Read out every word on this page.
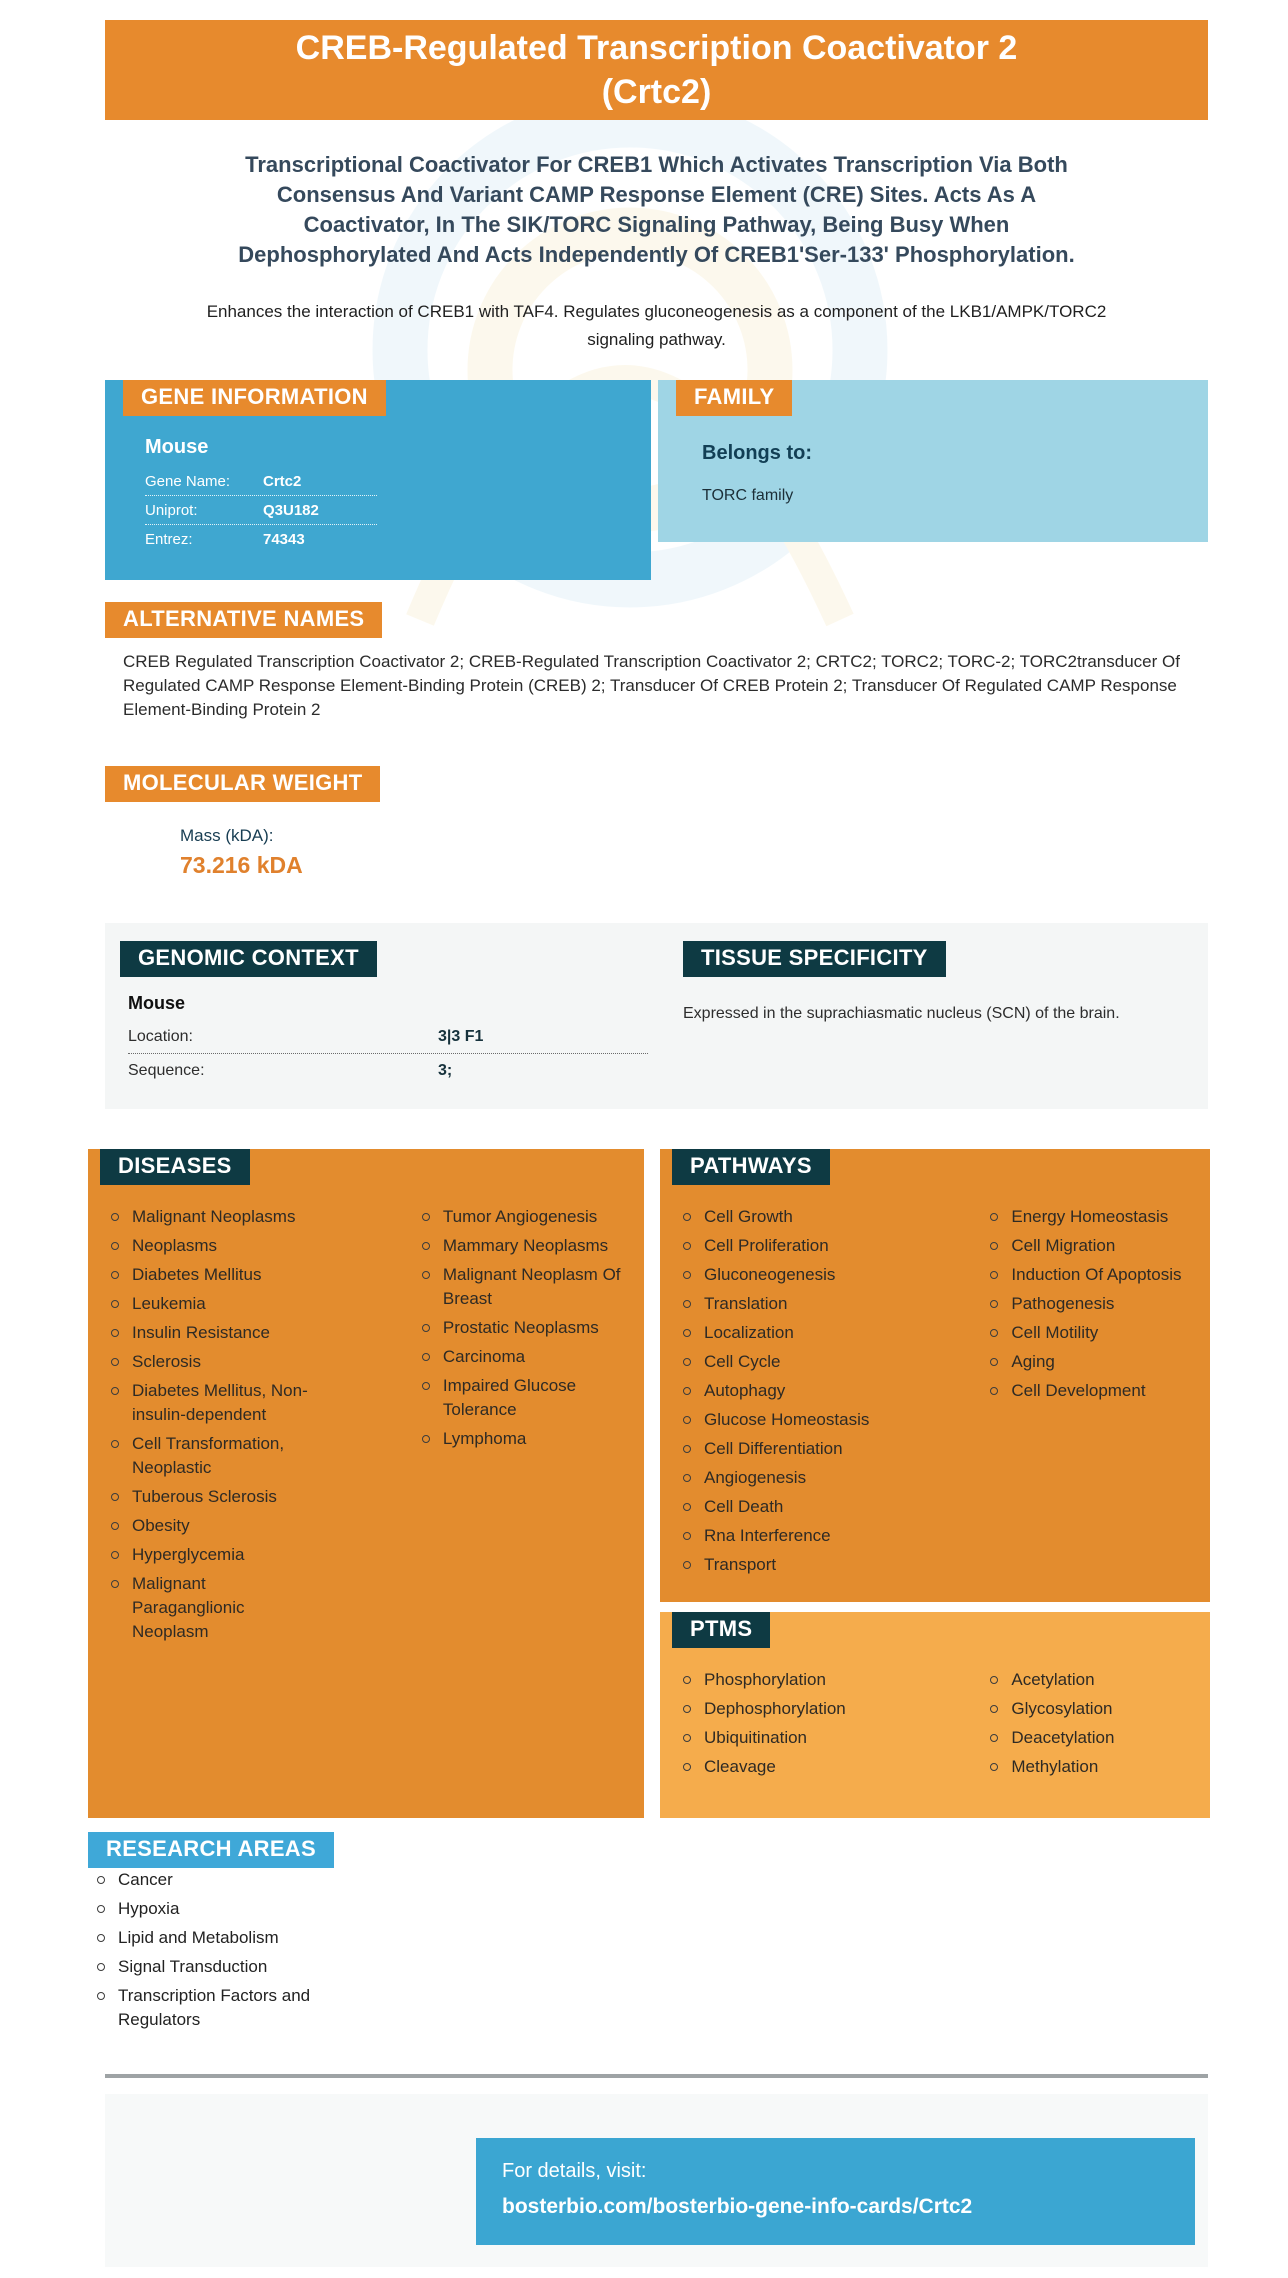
CREB-Regulated Transcription Coactivator 2
(Crtc2)
Transcriptional Coactivator For CREB1 Which Activates Transcription Via Both
Consensus And Variant CAMP Response Element (CRE) Sites. Acts As A
Coactivator, In The SIK/TORC Signaling Pathway, Being Busy When
Dephosphorylated And Acts Independently Of CREB1'Ser-133' Phosphorylation.

Enhances the interaction of CREB1 with TAF4. Regulates gluconeogenesis as a component of the LKB1/AMPK/TORC2 signaling pathway.

GENE INFORMATION
Mouse
Gene Name:	Crtc2
Uniprot:	Q3U182
Entrez:	74343
FAMILY
Belongs to:
TORC family
ALTERNATIVE NAMES

CREB Regulated Transcription Coactivator 2; CREB-Regulated Transcription Coactivator 2; CRTC2; TORC2; TORC-2; TORC2transducer Of Regulated CAMP Response Element-Binding Protein (CREB) 2; Transducer Of CREB Protein 2; Transducer Of Regulated CAMP Response Element-Binding Protein 2

MOLECULAR WEIGHT
Mass (kDA):
73.216 kDA
GENOMIC CONTEXT
Mouse
Location:	3|3 F1
Sequence:	3;
TISSUE SPECIFICITY
Expressed in the suprachiasmatic nucleus (SCN) of the brain.
DISEASES
Malignant Neoplasms
Neoplasms
Diabetes Mellitus
Leukemia
Insulin Resistance
Sclerosis
Diabetes Mellitus, Non-insulin-dependent
Cell Transformation, Neoplastic
Tuberous Sclerosis
Obesity
Hyperglycemia
Malignant Paraganglionic Neoplasm
Tumor Angiogenesis
Mammary Neoplasms
Malignant Neoplasm Of Breast
Prostatic Neoplasms
Carcinoma
Impaired Glucose Tolerance
Lymphoma
PATHWAYS
Cell Growth
Cell Proliferation
Gluconeogenesis
Translation
Localization
Cell Cycle
Autophagy
Glucose Homeostasis
Cell Differentiation
Angiogenesis
Cell Death
Rna Interference
Transport
Energy Homeostasis
Cell Migration
Induction Of Apoptosis
Pathogenesis
Cell Motility
Aging
Cell Development
PTMS
Phosphorylation
Dephosphorylation
Ubiquitination
Cleavage
Acetylation
Glycosylation
Deacetylation
Methylation
RESEARCH AREAS
Cancer
Hypoxia
Lipid and Metabolism
Signal Transduction
Transcription Factors and Regulators
For details, visit:
bosterbio.com/bosterbio-gene-info-cards/Crtc2
